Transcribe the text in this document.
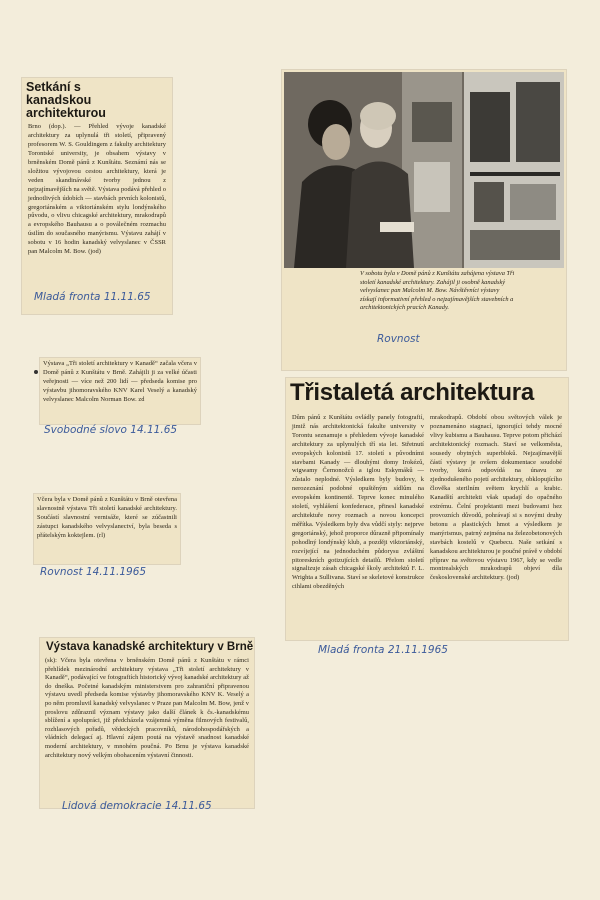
Setkání s kanadskou architekturou

Brno (dop.). — Přehled vývoje kanadské architektury za uplynulá tři století, připravený profesorem W. S. Gouldingem z fakulty architektury Torontské university, je obsahem výstavy v brněnském Domě pánů z Kunštátu. Seznámí nás se složitou vývojovou cestou architektury, která je veden skandinávské tvorby jednou z nejzajímavějších na světě. Výstava podává přehled o jednotlivých údobích — stavbách prvních kolonistů, gregoriánském a viktoriánském stylu londýnského původu, o vlivu chicagské architektury, mrakodrapů a evropského Bauhausu a o poválečném rozmachu úsilím do současného manýrismu. Výstavu zahájí v sobotu v 16 hodin kanadský velvyslanec v ČSSR pan Malcolm M. Bow. (jod)

Mladá fronta 11.11.65

V sobotu byla v Domě pánů z Kunštátu zahájena výstava Tři století kanadské architektury. Zahájil ji osobně kanadský velvyslanec pan Malcolm M. Bow. Návštěvníci výstavy získají informativní přehled o nejzajímavějších stavebních a architektonických pracích Kanady.

Rovnost

Výstava „Tři století architektury v Kanadě“ začala včera v Domě pánů z Kunštátu v Brně. Zahájili ji za velké účasti veřejnosti — více než 200 lidí — předseda komise pro výstavbu jihomoravského KNV Karel Veselý a kanadský velvyslanec Malcolm Norman Bow. zd

Svobodné slovo 14.11.65

Včera byla v Domě pánů z Kunštátu v Brně otevřena slavnostně výstava Tři století kanadské architektury. Součástí slavnostní vernisáže, které se zúčastnili zástupci kanadského velvyslanectví, byla beseda s přátelským koktejlem. (rl)

Rovnost 14.11.1965
Výstava kanadské architektury v Brně

(sk): Včera byla otevřena v brněnském Domě pánů z Kunštátu v rámci přehlídek mezinárodní architektury výstava „Tři století architektury v Kanadě“, podávající ve fotografiích historický vývoj kanadské architektury až do dneška. Početné kanadským ministerstvem pro zahraniční připravenou výstavu uvedl předseda komise výstavby jihomoravského KNV K. Veselý a po něm promluvil kanadský velvyslanec v Praze pan Malcolm M. Bow, jenž v proslovu zdůraznil význam výstavy jako další článek k čs.-kanadskému sblížení a spolupráci, již předcházela vzájemná výměna filmových festivalů, rozhlasových pořadů, vědeckých pracovníků, národohospodářských a vládních delegací aj. Hlavní zájem poutá na výstavě snadnost kanadské moderní architektury, v mnohém poučná. Po Brnu je výstava kanadské architektury nový velkým obohacením výstavní činnosti.

Lidová demokracie 14.11.65
Třistaletá architektura

Dům pánů z Kunštátu ovládly panely fotografií, jimiž nás architektonická fakulte university v Torontu seznamuje s přehledem vývoje kanadské architektury za uplynulých tří sta let. Střetnutí evropských kolonistů 17. století s původními stavbami Kanady — dlouhými domy Irokézů, wigwamy Černonožců a iglou Eskymáků — zůstalo neplodné. Výsledkem byly budovy, k nerozeznání podobné opuštěným sídlům na evropském kontinentě. Teprve konec minulého století, vyhlášení konfederace, přinesl kanadské architektuře novy rozmach a novou koncepci měřítka. Výsledkem byly dva vůdčí styly: nejprve gregoriánský, jehož proporce důrazně připomínaly pohodlný londýnský klub, a později viktoriánský, rozvíjející na jednoduchém půdorysu zvláštní pitoreskních gotizujících detailů. Přelom století signalizuje zásah chicagské školy architektů F. L. Wrighta a Sullivana. Staví se skeletové konstrukce cihlami obezděných

mrakodrapů. Období obou světových válek je poznamenáno stagnací, ignorující tehdy mocné vlivy kubismu a Bauhausu. Teprve potom přichází architektonický rozmach. Staví se velkoměsta, sousedy obytných superbloků. Nejzajímavější částí výstavy je ovšem dokumentace soudobé tvorby, která odpovídá na únavu ze zjednodušeného pojetí architektury, obklopujícího člověka sterilním světem krychlí a krabic. Kanadští architekti však upadají do opačného extrému. Čelní projektanti mezi budovami hez provozních důvodů, pohrávají si s novými druhy betonu a plastických hmot a výsledkem je manýrismus, patrný zejména na železobetonových stavbách kostelů v Quebecu. Naše setkání s kanadskou architekturou je poučné právě v období příprav na světovou výstavu 1967, kdy se vedle montrealských mrakodrapů objeví díla československé architektury. (jod)

Mladá fronta 21.11.1965
